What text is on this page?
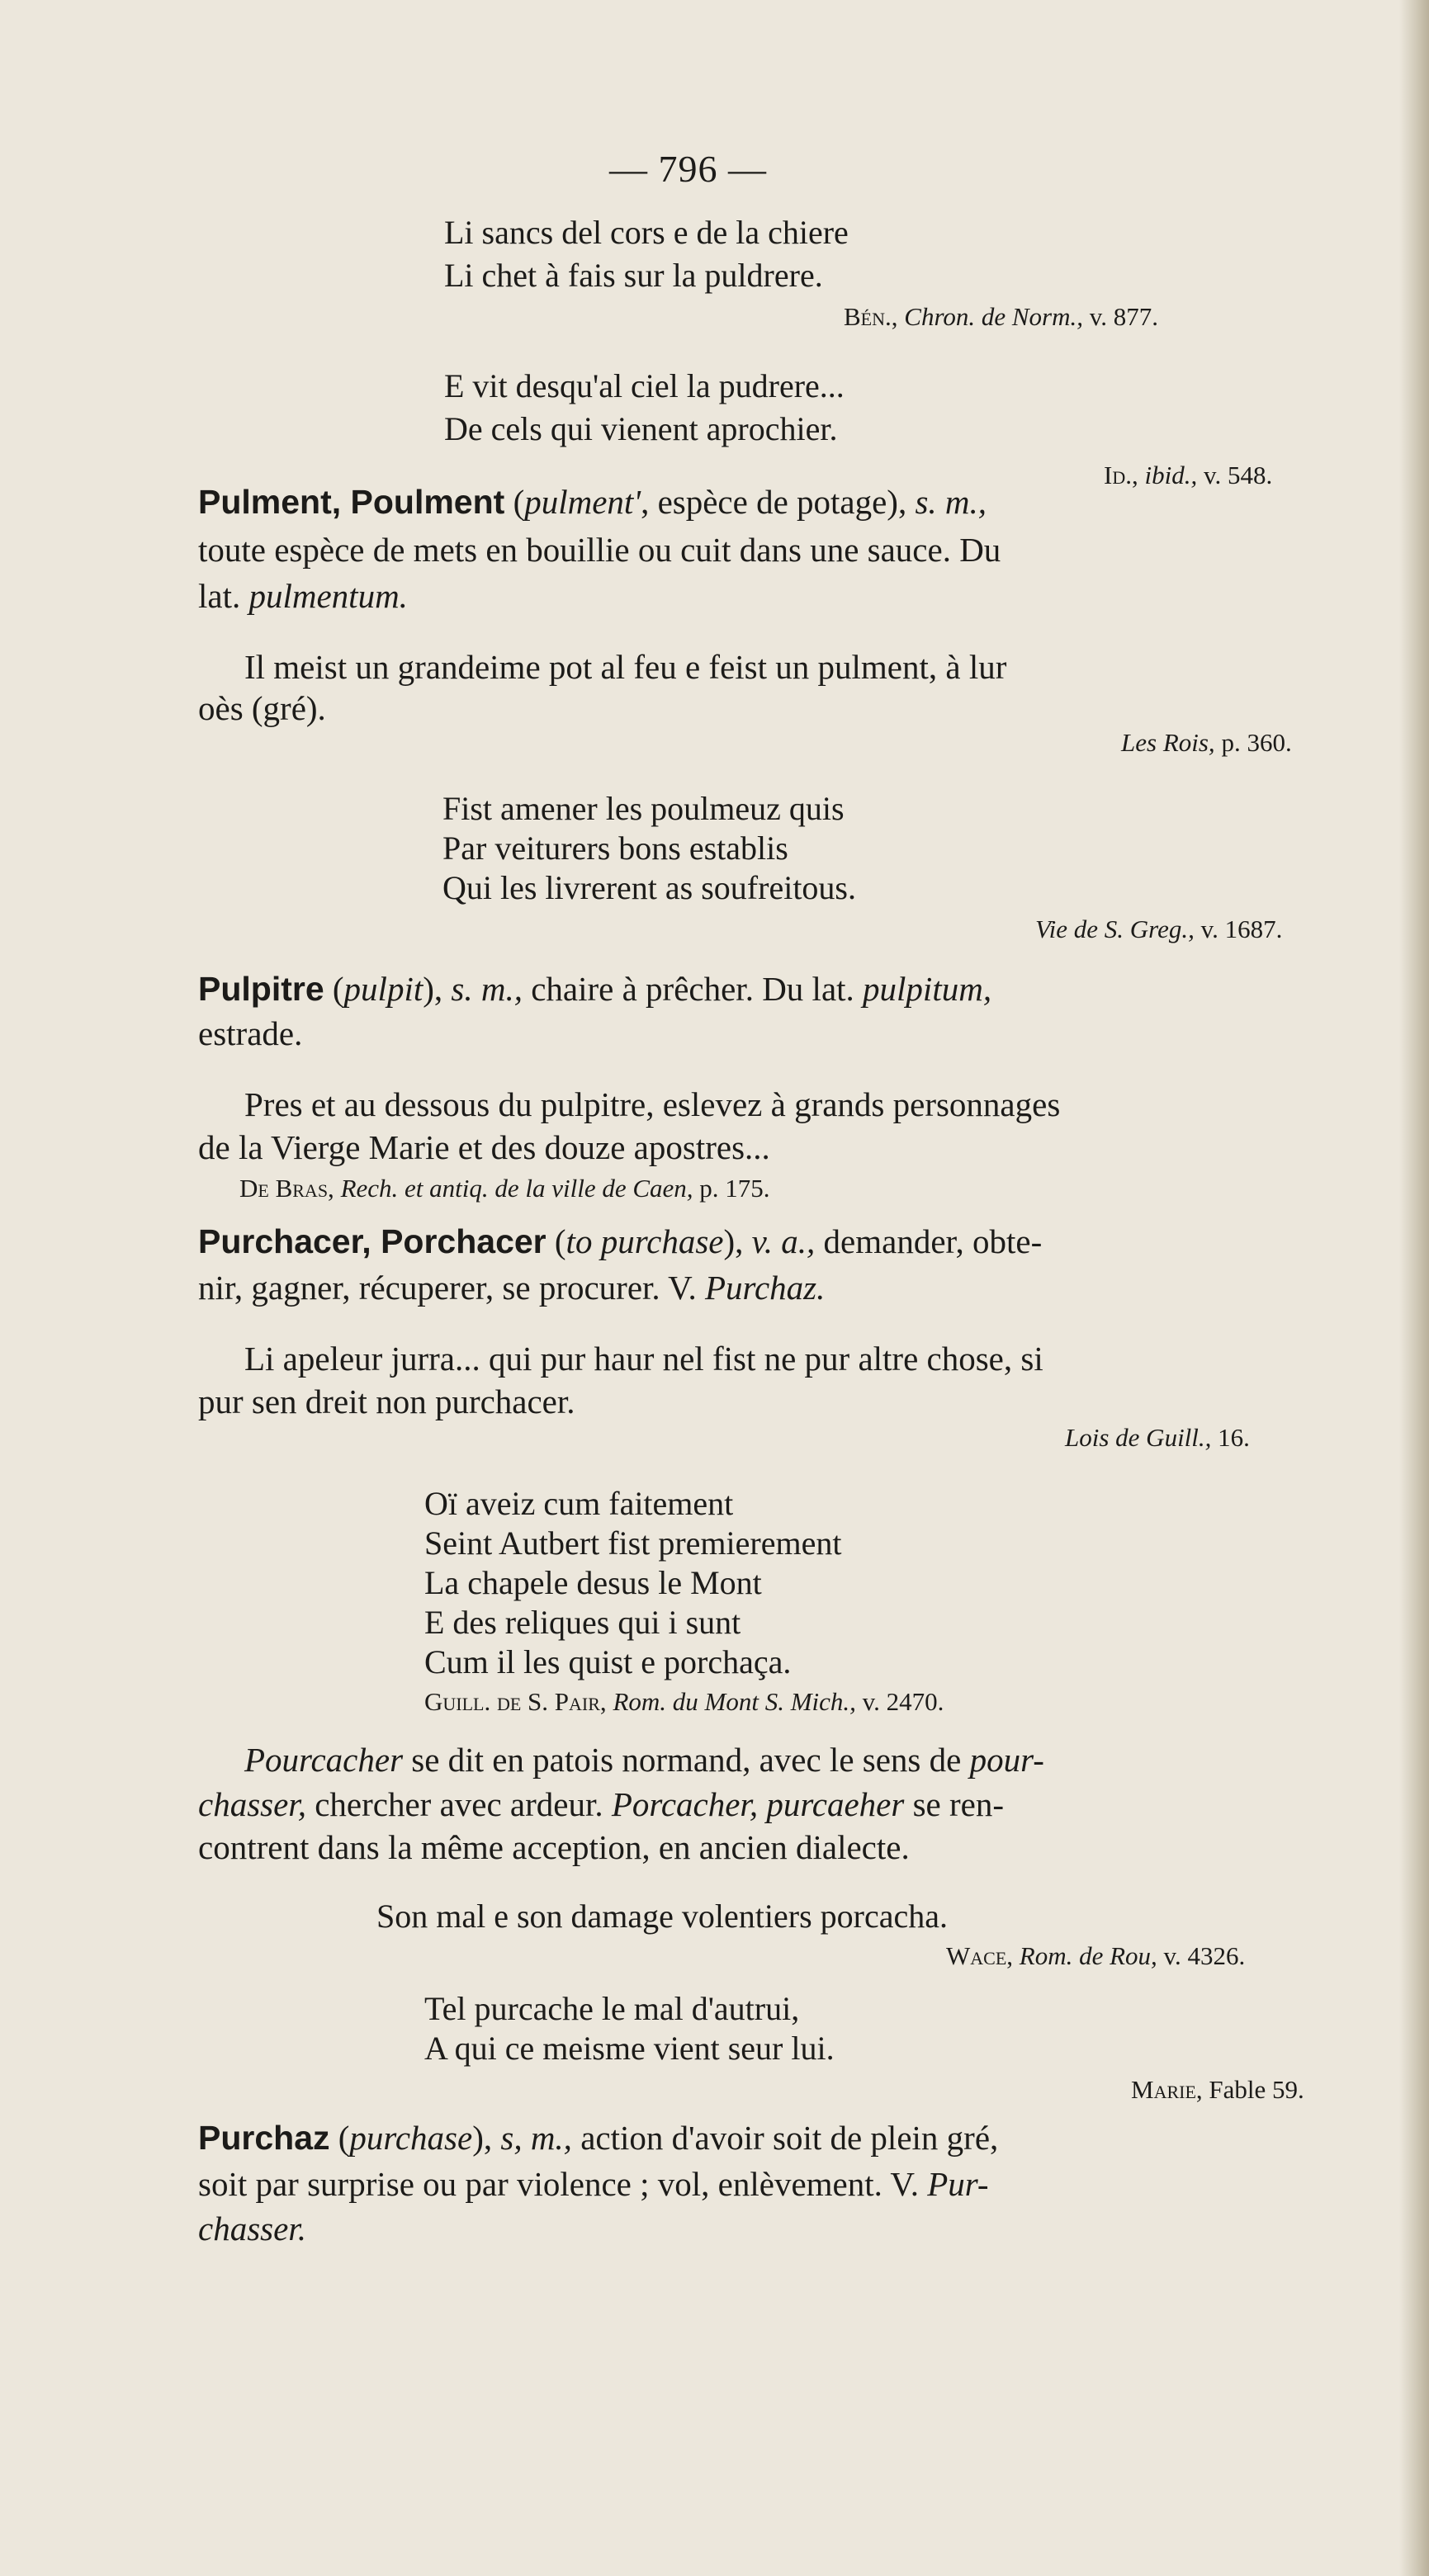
— 796 —
Li sancs del cors e de la chiere
Li chet à fais sur la puldrere.
Bén., Chron. de Norm., v. 877.
E vit desqu'al ciel la pudrere...
De cels qui vienent aprochier.
Id., ibid., v. 548.
Pulment, Poulment (pulment', espèce de potage), s. m.,
toute espèce de mets en bouillie ou cuit dans une sauce. Du
lat. pulmentum.
Il meist un grandeime pot al feu e feist un pulment, à lur
oès (gré).
Les Rois, p. 360.
Fist amener les poulmeuz quis
Par veiturers bons establis
Qui les livrerent as soufreitous.
Vie de S. Greg., v. 1687.
Pulpitre (pulpit), s. m., chaire à prêcher. Du lat. pulpitum,
estrade.
Pres et au dessous du pulpitre, eslevez à grands personnages
de la Vierge Marie et des douze apostres...
De Bras, Rech. et antiq. de la ville de Caen, p. 175.
Purchacer, Porchacer (to purchase), v. a., demander, obte-
nir, gagner, récuperer, se procurer. V. Purchaz.
Li apeleur jurra... qui pur haur nel fist ne pur altre chose, si
pur sen dreit non purchacer.
Lois de Guill., 16.
Oï aveiz cum faitement
Seint Autbert fist premierement
La chapele desus le Mont
E des reliques qui i sunt
Cum il les quist e porchaça.
Guill. de S. Pair, Rom. du Mont S. Mich., v. 2470.
Pourcacher se dit en patois normand, avec le sens de pour-
chasser, chercher avec ardeur. Porcacher, purcaeher se ren-
contrent dans la même acception, en ancien dialecte.
Son mal e son damage volentiers porcacha.
Wace, Rom. de Rou, v. 4326.
Tel purcache le mal d'autrui,
A qui ce meisme vient seur lui.
Marie, Fable 59.
Purchaz (purchase), s, m., action d'avoir soit de plein gré,
soit par surprise ou par violence ; vol, enlèvement. V. Pur-
chasser.
